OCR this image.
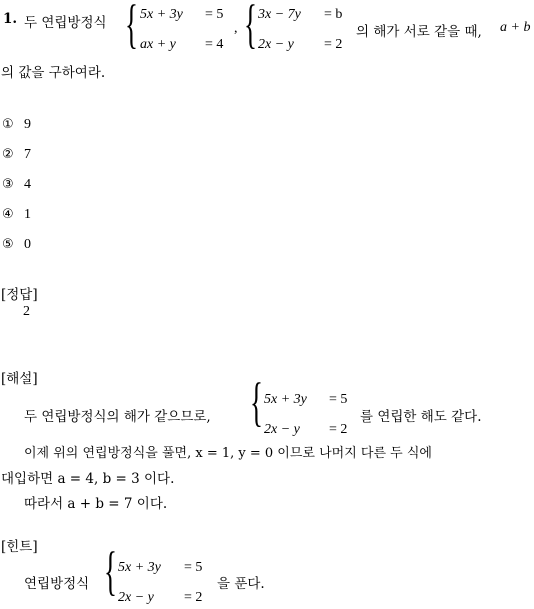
1. 두 연립방정식 { 5x + 3y = 5
ax + y = 4
, { 3x − 7y = b
2x − y = 2
의 해가 서로 같을 때, a + b
의 값을 구하여라.
① 9
② 7
③ 4
④ 1
⑤ 0
[정답]
2
[해설]
두 연립방정식의 해가 같으므로, { 5x + 3y = 5
2x − y = 2
를 연립한 해도 같다.
이제 위의 연립방정식을 풀면, x = 1, y = 0 이므로 나머지 다른 두 식에
대입하면 a = 4, b = 3 이다.
따라서 a + b = 7 이다.
[힌트]
연립방정식 { 5x + 3y = 5
2x − y = 2
을 푼다.
